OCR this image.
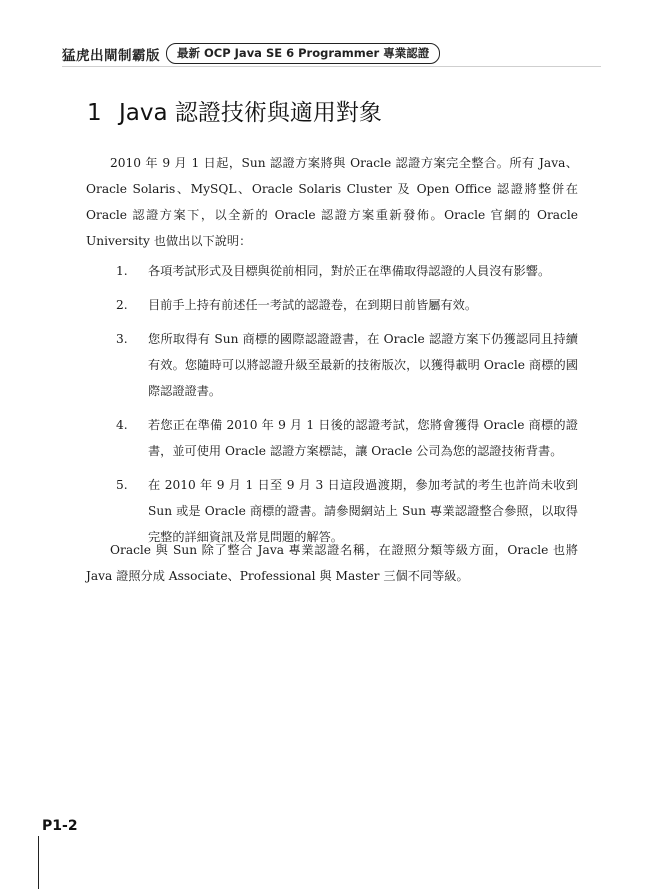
猛虎出閘制霸版	最新 OCP Java SE 6 Programmer 專業認證
1 Java 認證技術與適用對象

2010 年 9 月 1 日起，Sun 認證方案將與 Oracle 認證方案完全整合。所有 Java、Oracle Solaris、MySQL、Oracle Solaris Cluster 及 Open Office 認證將整併在 Oracle 認證方案下，以全新的 Oracle 認證方案重新發佈。Oracle 官網的 Oracle University 也做出以下說明：

1.	各項考試形式及目標與從前相同，對於正在準備取得認證的人員沒有影響。
2.	目前手上持有前述任一考試的認證卷，在到期日前皆屬有效。
3.	您所取得有 Sun 商標的國際認證證書，在 Oracle 認證方案下仍獲認同且持續有效。您隨時可以將認證升級至最新的技術版次，以獲得載明 Oracle 商標的國際認證證書。
4.	若您正在準備 2010 年 9 月 1 日後的認證考試，您將會獲得 Oracle 商標的證書，並可使用 Oracle 認證方案標誌，讓 Oracle 公司為您的認證技術背書。
5.	在 2010 年 9 月 1 日至 9 月 3 日這段過渡期，參加考試的考生也許尚未收到 Sun 或是 Oracle 商標的證書。請參閱網站上 Sun 專業認證整合參照，以取得完整的詳細資訊及常見問題的解答。

Oracle 與 Sun 除了整合 Java 專業認證名稱，在證照分類等級方面，Oracle 也將 Java 證照分成 Associate、Professional 與 Master 三個不同等級。

P1-2
